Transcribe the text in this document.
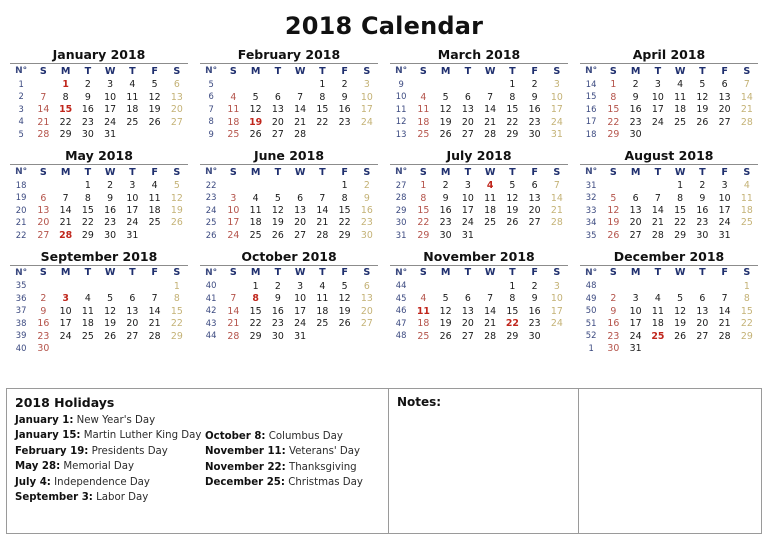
2018 Calendar
January 2018
N°	S	M	T	W	T	F	S
1		1	2	3	4	5	6
2	7	8	9	10	11	12	13
3	14	15	16	17	18	19	20
4	21	22	23	24	25	26	27
5	28	29	30	31			
February 2018
N°	S	M	T	W	T	F	S
5					1	2	3
6	4	5	6	7	8	9	10
7	11	12	13	14	15	16	17
8	18	19	20	21	22	23	24
9	25	26	27	28			
March 2018
N°	S	M	T	W	T	F	S
9					1	2	3
10	4	5	6	7	8	9	10
11	11	12	13	14	15	16	17
12	18	19	20	21	22	23	24
13	25	26	27	28	29	30	31
April 2018
N°	S	M	T	W	T	F	S
14	1	2	3	4	5	6	7
15	8	9	10	11	12	13	14
16	15	16	17	18	19	20	21
17	22	23	24	25	26	27	28
18	29	30					
May 2018
N°	S	M	T	W	T	F	S
18			1	2	3	4	5
19	6	7	8	9	10	11	12
20	13	14	15	16	17	18	19
21	20	21	22	23	24	25	26
22	27	28	29	30	31		
June 2018
N°	S	M	T	W	T	F	S
22						1	2
23	3	4	5	6	7	8	9
24	10	11	12	13	14	15	16
25	17	18	19	20	21	22	23
26	24	25	26	27	28	29	30
July 2018
N°	S	M	T	W	T	F	S
27	1	2	3	4	5	6	7
28	8	9	10	11	12	13	14
29	15	16	17	18	19	20	21
30	22	23	24	25	26	27	28
31	29	30	31				
August 2018
N°	S	M	T	W	T	F	S
31				1	2	3	4
32	5	6	7	8	9	10	11
33	12	13	14	15	16	17	18
34	19	20	21	22	23	24	25
35	26	27	28	29	30	31	
September 2018
N°	S	M	T	W	T	F	S
35							1
36	2	3	4	5	6	7	8
37	9	10	11	12	13	14	15
38	16	17	18	19	20	21	22
39	23	24	25	26	27	28	29
40	30						
October 2018
N°	S	M	T	W	T	F	S
40		1	2	3	4	5	6
41	7	8	9	10	11	12	13
42	14	15	16	17	18	19	20
43	21	22	23	24	25	26	27
44	28	29	30	31			
November 2018
N°	S	M	T	W	T	F	S
44					1	2	3
45	4	5	6	7	8	9	10
46	11	12	13	14	15	16	17
47	18	19	20	21	22	23	24
48	25	26	27	28	29	30	
December 2018
N°	S	M	T	W	T	F	S
48							1
49	2	3	4	5	6	7	8
50	9	10	11	12	13	14	15
51	16	17	18	19	20	21	22
52	23	24	25	26	27	28	29
1	30	31					
2018 Holidays
January 1: New Year's Day
January 15: Martin Luther King Day
February 19: Presidents Day
May 28: Memorial Day
July 4: Independence Day
September 3: Labor Day
October 8: Columbus Day
November 11: Veterans' Day
November 22: Thanksgiving
December 25: Christmas Day
Notes:
